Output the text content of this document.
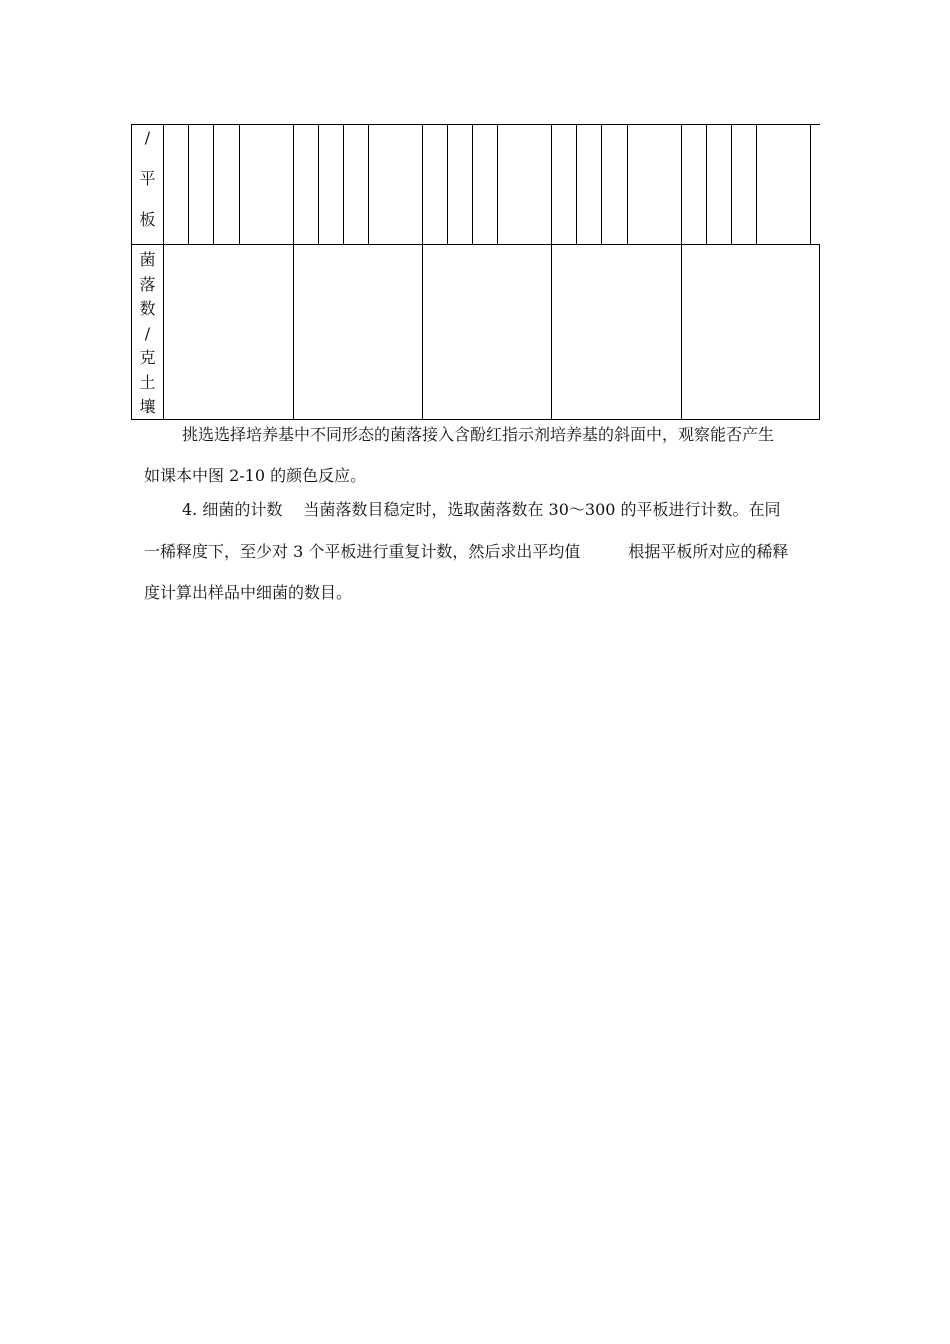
/
平
板
菌
落
数
/
克
土
壤
挑选选择培养基中不同形态的菌落接入含酚红指示剂培养基的斜面中，观察能否产生
如课本中图 2-10 的颜色反应。
4. 细菌的计数　 当菌落数目稳定时，选取菌落数在 30～300 的平板进行计数。在同
一稀释度下，至少对 3 个平板进行重复计数，然后求出平均值　　　根据平板所对应的稀释
度计算出样品中细菌的数目。
